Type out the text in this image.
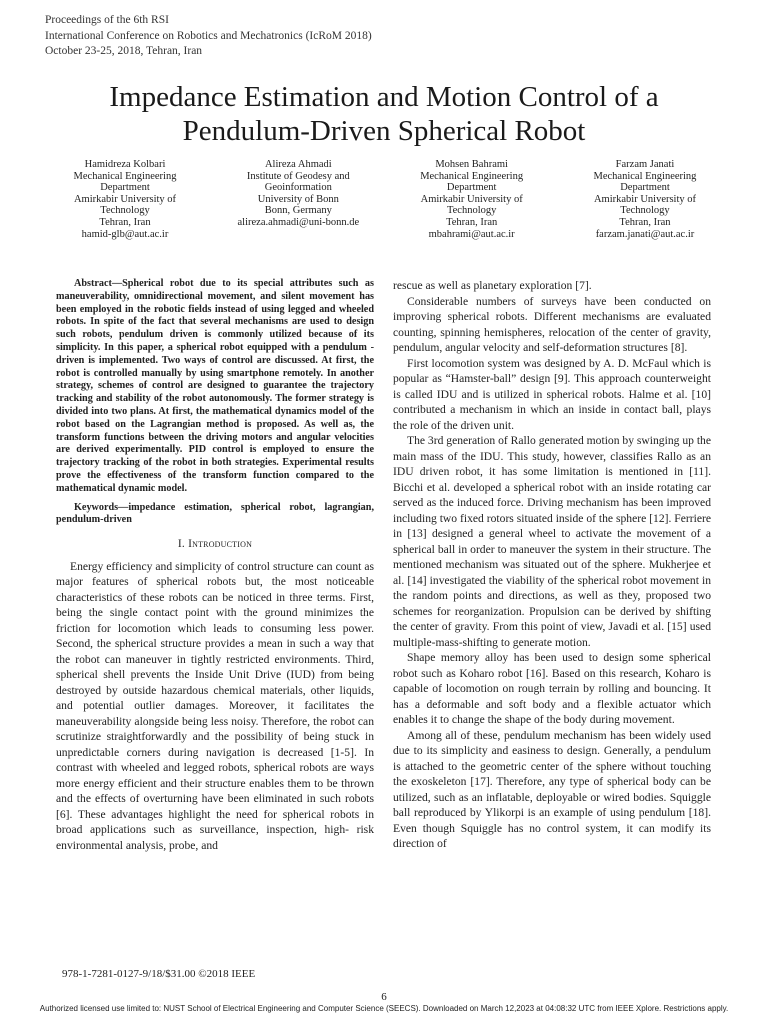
Proceedings of the 6th RSI
International Conference on Robotics and Mechatronics (IcRoM 2018)
October 23-25, 2018, Tehran, Iran
Impedance Estimation and Motion Control of a
Pendulum-Driven Spherical Robot
Hamidreza Kolbari
Mechanical Engineering
Department
Amirkabir University of
Technology
Tehran, Iran
hamid-glb@aut.ac.ir
Alireza Ahmadi
Institute of Geodesy and
Geoinformation
University of Bonn
Bonn, Germany
alireza.ahmadi@uni-bonn.de
Mohsen Bahrami
Mechanical Engineering
Department
Amirkabir University of
Technology
Tehran, Iran
mbahrami@aut.ac.ir
Farzam Janati
Mechanical Engineering
Department
Amirkabir University of
Technology
Tehran, Iran
farzam.janati@aut.ac.ir

Abstract—Spherical robot due to its special attributes such as maneuverability, omnidirectional movement, and silent movement has been employed in the robotic fields instead of using legged and wheeled robots. In spite of the fact that several mechanisms are used to design such robots, pendulum driven is commonly utilized because of its simplicity. In this paper, a spherical robot equipped with a pendulum - driven is implemented. Two ways of control are discussed. At first, the robot is controlled manually by using smartphone remotely. In another strategy, schemes of control are designed to guarantee the trajectory tracking and stability of the robot autonomously. The former strategy is divided into two plans. At first, the mathematical dynamics model of the robot based on the Lagrangian method is proposed. As well as, the transform functions between the driving motors and angular velocities are derived experimentally. PID control is employed to ensure the trajectory tracking of the robot in both strategies. Experimental results prove the effectiveness of the transform function compared to the mathematical dynamic model.

Keywords—impedance estimation, spherical robot, lagrangian, pendulum-driven

I. Introduction

Energy efficiency and simplicity of control structure can count as major features of spherical robots but, the most noticeable characteristics of these robots can be noticed in three terms. First, being the single contact point with the ground minimizes the friction for locomotion which leads to consuming less power. Second, the spherical structure provides a mean in such a way that the robot can maneuver in tightly restricted environments. Third, spherical shell prevents the Inside Unit Drive (IUD) from being destroyed by outside hazardous chemical materials, other liquids, and potential outlier damages. Moreover, it facilitates the maneuverability alongside being less noisy. Therefore, the robot can scrutinize straightforwardly and the possibility of being stuck in unpredictable corners during navigation is decreased [1-5]. In contrast with wheeled and legged robots, spherical robots are ways more energy efficient and their structure enables them to be thrown and the effects of overturning have been eliminated in such robots [6]. These advantages highlight the need for spherical robots in broad applications such as surveillance, inspection, high- risk environmental analysis, probe, and

rescue as well as planetary exploration [7].

Considerable numbers of surveys have been conducted on improving spherical robots. Different mechanisms are evaluated counting, spinning hemispheres, relocation of the center of gravity, pendulum, angular velocity and self-deformation structures [8].

First locomotion system was designed by A. D. McFaul which is popular as “Hamster-ball” design [9]. This approach counterweight is called IDU and is utilized in spherical robots. Halme et al. [10] contributed a mechanism in which an inside in contact ball, plays the role of the driven unit.

The 3rd generation of Rallo generated motion by swinging up the main mass of the IDU. This study, however, classifies Rallo as an IDU driven robot, it has some limitation is mentioned in [11]. Bicchi et al. developed a spherical robot with an inside rotating car served as the induced force. Driving mechanism has been improved including two fixed rotors situated inside of the sphere [12]. Ferriere in [13] designed a general wheel to activate the movement of a spherical ball in order to maneuver the system in their structure. The mentioned mechanism was situated out of the sphere. Mukherjee et al. [14] investigated the viability of the spherical robot movement in the random points and directions, as well as they, proposed two schemes for reorganization. Propulsion can be derived by shifting the center of gravity. From this point of view, Javadi et al. [15] used multiple-mass-shifting to generate motion.

Shape memory alloy has been used to design some spherical robot such as Koharo robot [16]. Based on this research, Koharo is capable of locomotion on rough terrain by rolling and bouncing. It has a deformable and soft body and a flexible actuator which enables it to change the shape of the body during movement.

Among all of these, pendulum mechanism has been widely used due to its simplicity and easiness to design. Generally, a pendulum is attached to the geometric center of the sphere without touching the exoskeleton [17]. Therefore, any type of spherical body can be utilized, such as an inflatable, deployable or wired bodies. Squiggle ball reproduced by Ylikorpi is an example of using pendulum [18]. Even though Squiggle has no control system, it can modify its direction of

978-1-7281-0127-9/18/$31.00 ©2018 IEEE
6
Authorized licensed use limited to: NUST School of Electrical Engineering and Computer Science (SEECS). Downloaded on March 12,2023 at 04:08:32 UTC from IEEE Xplore. Restrictions apply.
